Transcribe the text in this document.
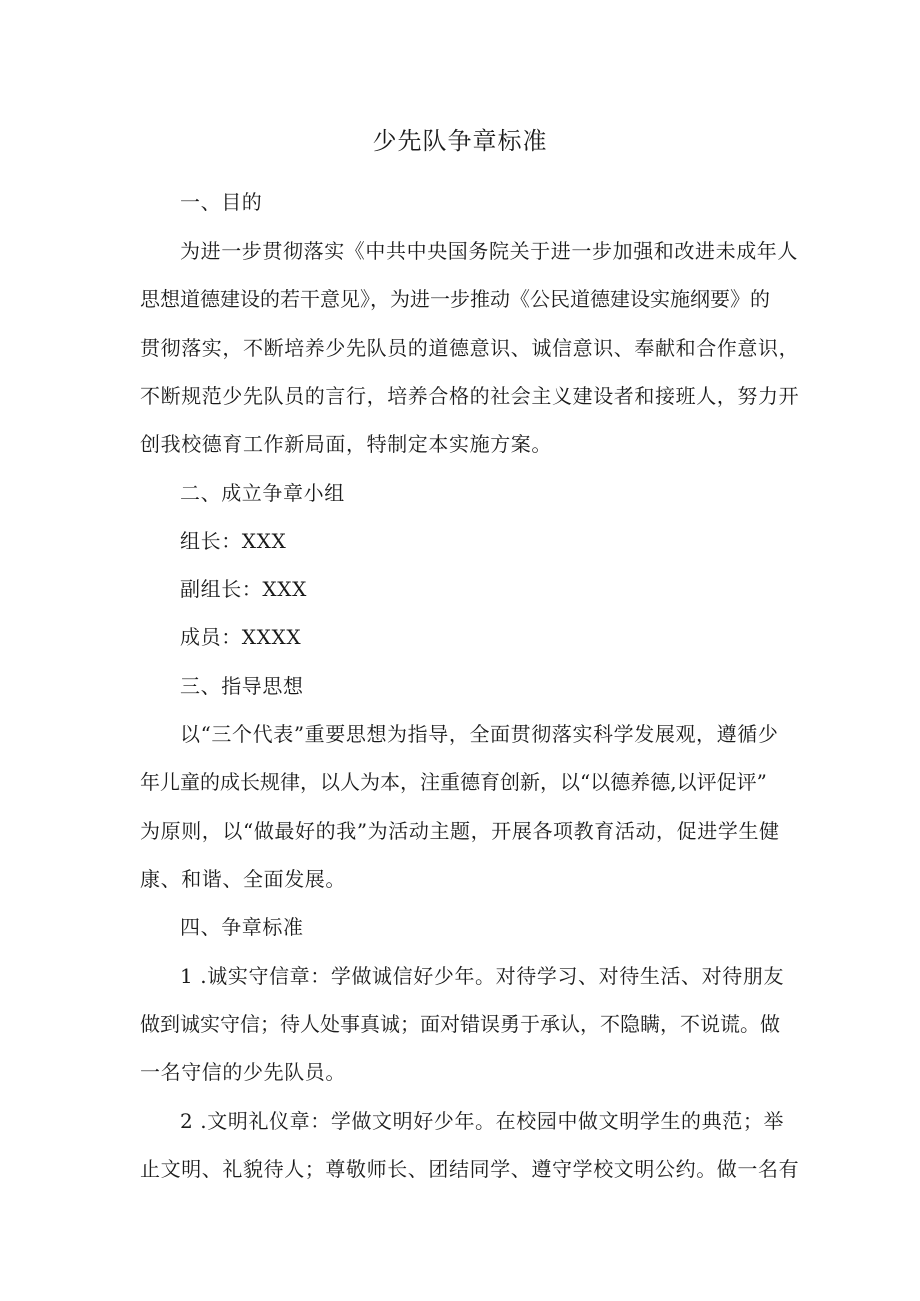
少先队争章标准
一、目的
为进一步贯彻落实《中共中央国务院关于进一步加强和改进未成年人
思想道德建设的若干意见》，为进一步推动《公民道德建设实施纲要》的
贯彻落实，不断培养少先队员的道德意识、诚信意识、奉献和合作意识，
不断规范少先队员的言行，培养合格的社会主义建设者和接班人，努力开
创我校德育工作新局面，特制定本实施方案。
二、成立争章小组
组长：XXX
副组长：XXX
成员：XXXX
三、指导思想
以“三个代表”重要思想为指导，全面贯彻落实科学发展观，遵循少
年儿童的成长规律，以人为本，注重德育创新，以“以德养德,以评促评”
为原则，以“做最好的我”为活动主题，开展各项教育活动，促进学生健
康、和谐、全面发展。
四、争章标准
1 .诚实守信章：学做诚信好少年。对待学习、对待生活、对待朋友
做到诚实守信；待人处事真诚；面对错误勇于承认，不隐瞒，不说谎。做
一名守信的少先队员。
2 .文明礼仪章：学做文明好少年。在校园中做文明学生的典范；举
止文明、礼貌待人；尊敬师长、团结同学、遵守学校文明公约。做一名有
